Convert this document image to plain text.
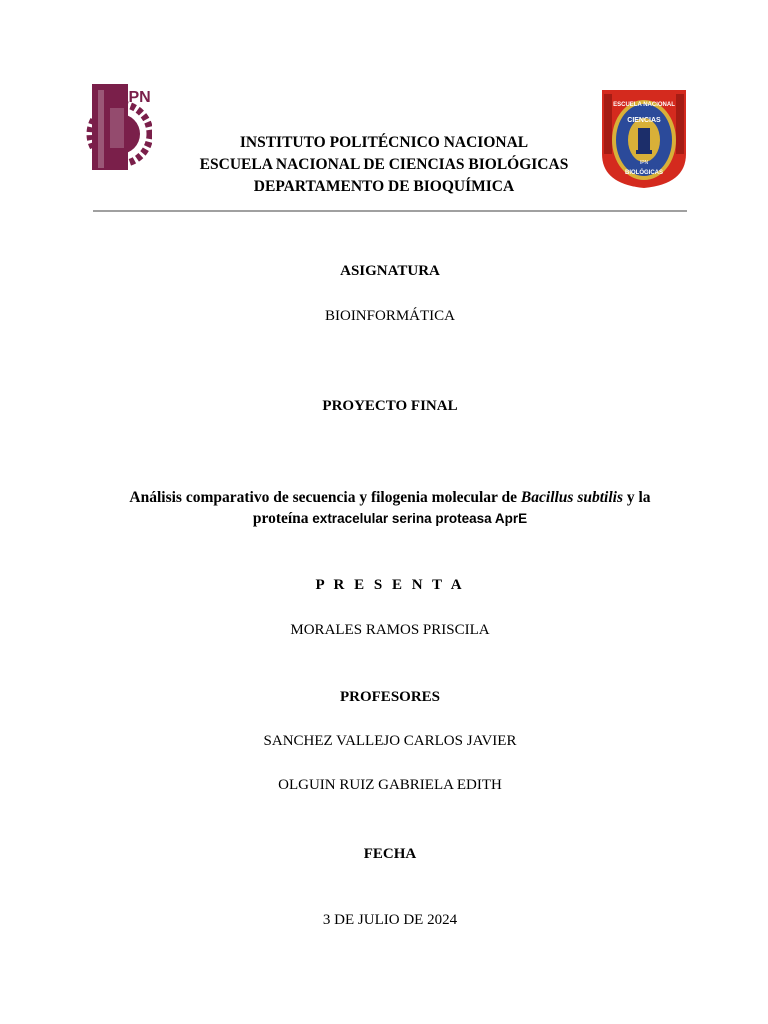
IPN	ESCUELA NACIONAL
CIENCIAS
BIOLÓGICAS
IPN
INSTITUTO POLITÉCNICO NACIONAL
ESCUELA NACIONAL DE CIENCIAS BIOLÓGICAS
DEPARTAMENTO DE BIOQUÍMICA
ASIGNATURA
BIOINFORMÁTICA
PROYECTO FINAL
Análisis comparativo de secuencia y filogenia molecular de Bacillus subtilis y la
proteína extracelular serina proteasa AprE
P R E S E N T A
MORALES RAMOS PRISCILA
PROFESORES
SANCHEZ VALLEJO CARLOS JAVIER
OLGUIN RUIZ GABRIELA EDITH
FECHA
3 DE JULIO DE 2024
